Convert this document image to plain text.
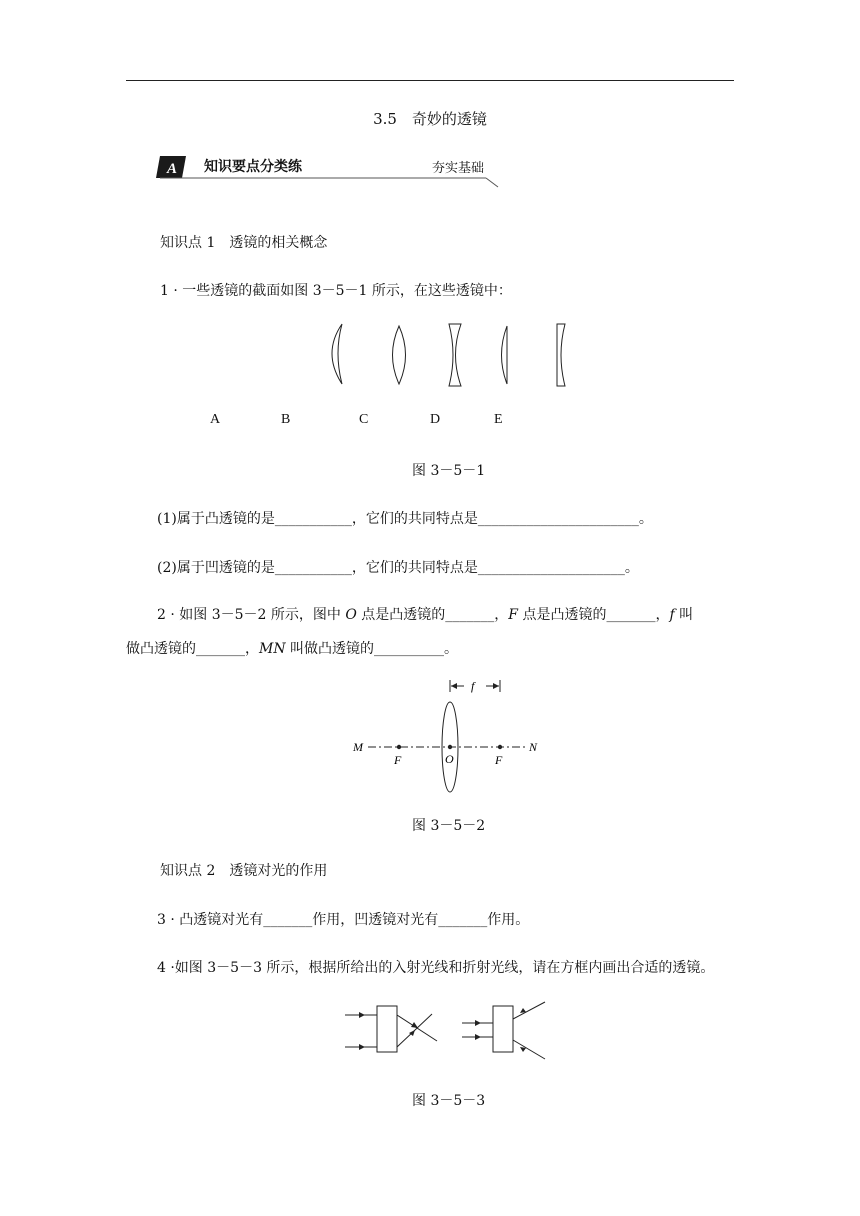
3.5　奇妙的透镜
A 知识要点分类练	夯实基础
知识点 1　透镜的相关概念
1 · 一些透镜的截面如图 3－5－1 所示，在这些透镜中：
A	B	C	D	E
图 3－5－1
(1)属于凸透镜的是___________，它们的共同特点是_______________________。
(2)属于凹透镜的是___________，它们的共同特点是_____________________。
2 · 如图 3－5－2 所示，图中 O 点是凸透镜的_______，F 点是凸透镜的_______，f 叫
做凸透镜的_______，MN 叫做凸透镜的__________。
f
M	N
F	O	F
图 3－5－2
知识点 2　透镜对光的作用
3 · 凸透镜对光有_______作用，凹透镜对光有_______作用。
4 ·如图 3－5－3 所示，根据所给出的入射光线和折射光线，请在方框内画出合适的透镜。
图 3－5－3
